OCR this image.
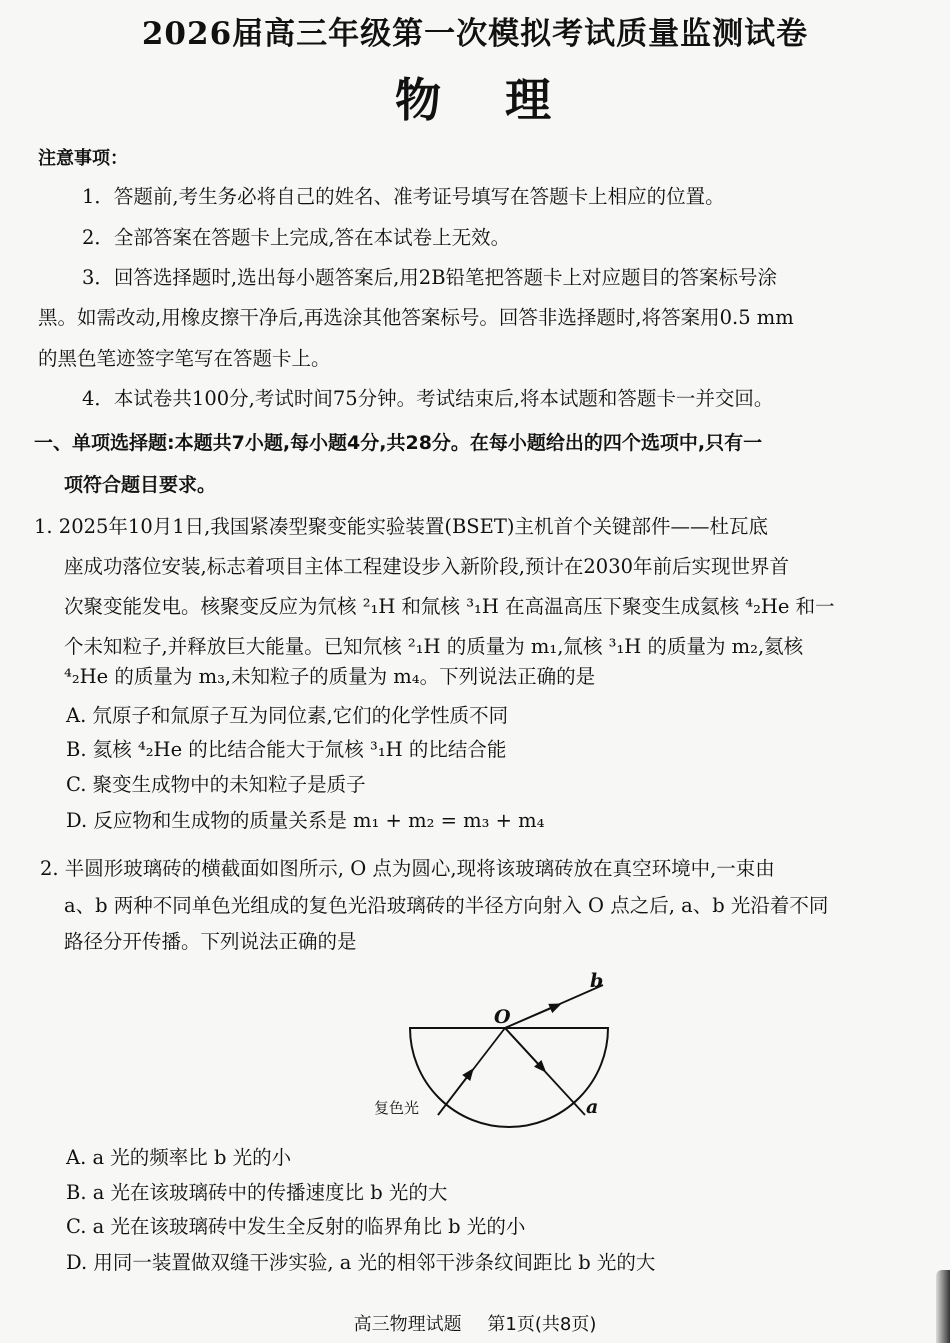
2026届高三年级第一次模拟考试质量监测试卷
物 理
注意事项：
1．答题前,考生务必将自己的姓名、准考证号填写在答题卡上相应的位置。
2．全部答案在答题卡上完成,答在本试卷上无效。
3．回答选择题时,选出每小题答案后,用2B铅笔把答题卡上对应题目的答案标号涂
黑。如需改动,用橡皮擦干净后,再选涂其他答案标号。回答非选择题时,将答案用0.5 mm
的黑色笔迹签字笔写在答题卡上。
4．本试卷共100分,考试时间75分钟。考试结束后,将本试题和答题卡一并交回。
一、单项选择题:本题共7小题,每小题4分,共28分。在每小题给出的四个选项中,只有一
项符合题目要求。
1. 2025年10月1日,我国紧凑型聚变能实验装置(BSET)主机首个关键部件——杜瓦底
座成功落位安装,标志着项目主体工程建设步入新阶段,预计在2030年前后实现世界首
次聚变能发电。核聚变反应为氘核 ²₁H 和氚核 ³₁H 在高温高压下聚变生成氦核 ⁴₂He 和一
个未知粒子,并释放巨大能量。已知氘核 ²₁H 的质量为 m₁,氚核 ³₁H 的质量为 m₂,氦核
⁴₂He 的质量为 m₃,未知粒子的质量为 m₄。下列说法正确的是
A. 氘原子和氚原子互为同位素,它们的化学性质不同
B. 氦核 ⁴₂He 的比结合能大于氚核 ³₁H 的比结合能
C. 聚变生成物中的未知粒子是质子
D. 反应物和生成物的质量关系是 m₁ + m₂ = m₃ + m₄
2. 半圆形玻璃砖的横截面如图所示, O 点为圆心,现将该玻璃砖放在真空环境中,一束由
a、b 两种不同单色光组成的复色光沿玻璃砖的半径方向射入 O 点之后, a、b 光沿着不同
路径分开传播。下列说法正确的是
O
b
a
复色光
A. a 光的频率比 b 光的小
B. a 光在该玻璃砖中的传播速度比 b 光的大
C. a 光在该玻璃砖中发生全反射的临界角比 b 光的小
D. 用同一装置做双缝干涉实验, a 光的相邻干涉条纹间距比 b 光的大
高三物理试题 第1页(共8页)
